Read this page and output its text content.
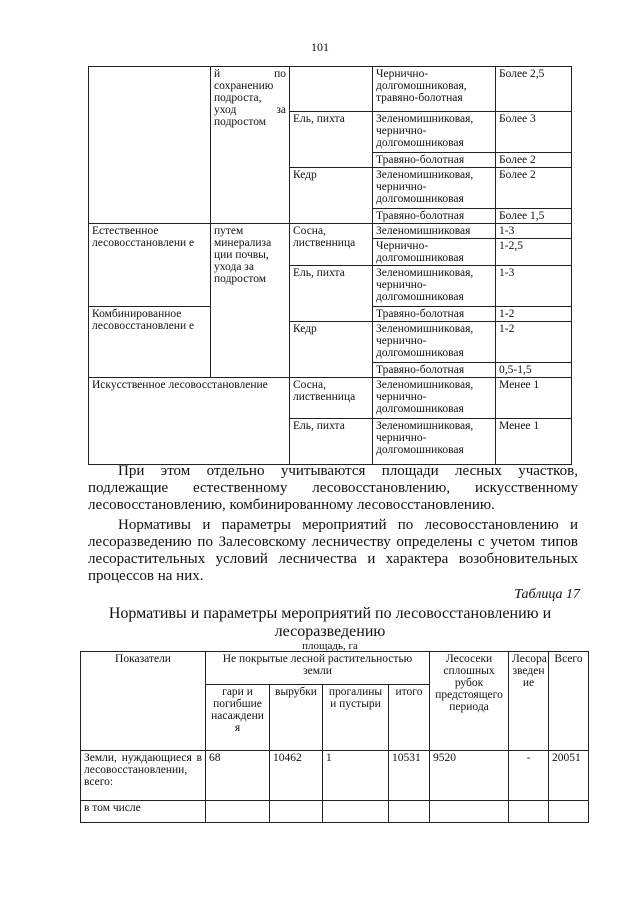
101
	й по сохранению подроста, уход за подростом		Чернично-долгомошниковая, травяно-болотная	Более 2,5
		Ель, пихта	Зеленомишниковая, чернично-долгомошниковая	Более 3
			Травяно-болотная	Более 2
		Кедр	Зеленомишниковая, чернично-долгомошниковая	Более 2
			Травяно-болотная	Более 1,5
Естественное лесовосстановлени е	путем минерализа ции почвы, ухода за подростом	Сосна, лиственница	Зеленомишниковая	1-3
			Чернично-долгомошниковая	1-2,5
		Ель, пихта	Зеленомишниковая, чернично-долгомошниковая	1-3
Комбинированное лесовосстановлени е			Травяно-болотная	1-2
		Кедр	Зеленомишниковая, чернично-долгомошниковая	1-2
			Травяно-болотная	0,5-1,5
Искусственное лесовосстановление		Сосна, лиственница	Зеленомишниковая, чернично-долгомошниковая	Менее 1
		Ель, пихта	Зеленомишниковая, чернично-долгомошниковая	Менее 1

При этом отдельно учитываются площади лесных участков, подлежащие естественному лесовосстановлению, искусственному лесовосстановлению, комбинированному лесовосстановлению.

Нормативы и параметры мероприятий по лесовосстановлению и лесоразведению по Залесовскому лесничеству определены с учетом типов лесорастительных условий лесничества и характера возобновительных процессов на них.

Таблица 17
Нормативы и параметры мероприятий по лесовосстановлению и лесоразведению
площадь, га
Показатели	Не покрытые лесной растительностью земли				Лесосеки сплошных рубок предстоящего периода	Лесора зведен ие	Всего
	гари и погибшие насаждени я	вырубки	прогалины и пустыри	итого			
Земли, нуждающиеся в лесовосстановлении, всего:	68	10462	1	10531	9520	-	20051
в том числе							
